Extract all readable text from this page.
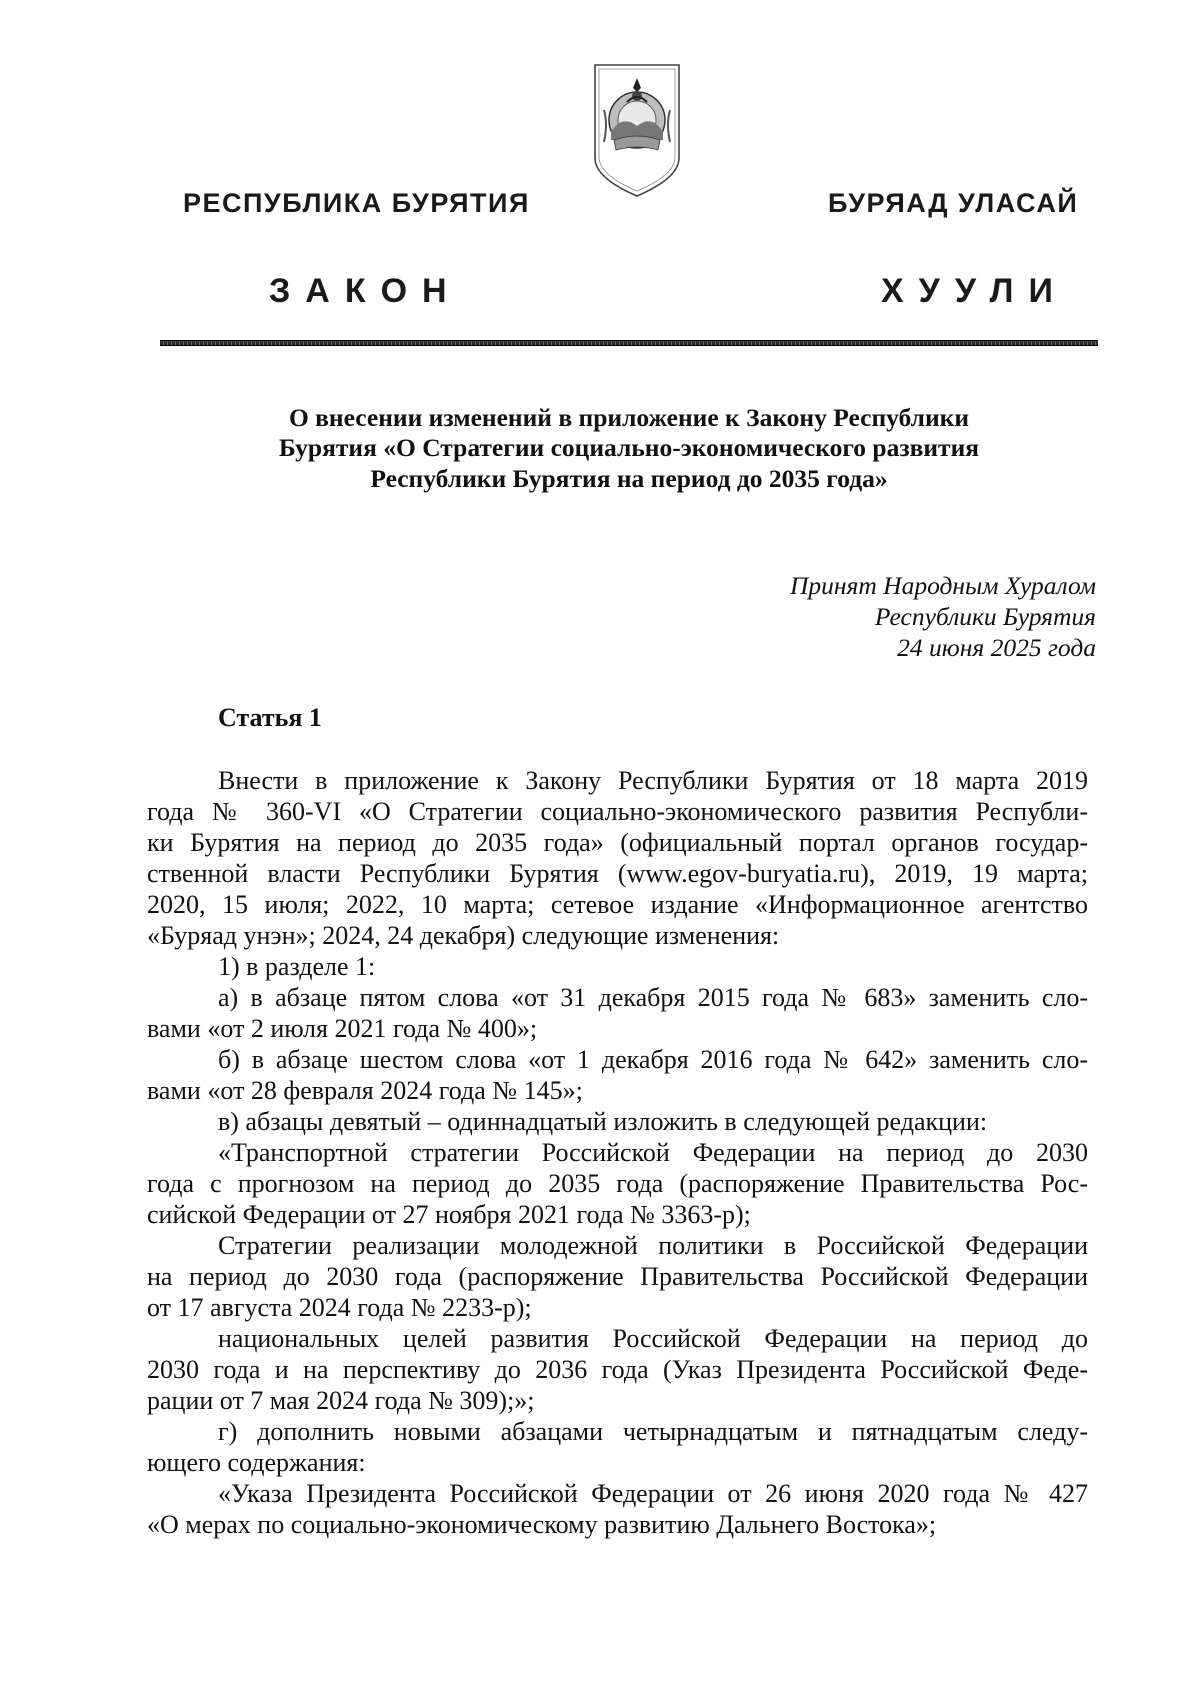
РЕСПУБЛИКА БУРЯТИЯ	БУРЯАД УЛАСАЙ
ЗАКОН	ХУУЛИ
О внесении изменений в приложение к Закону Республики
Бурятия «О Стратегии социально-экономического развития
Республики Бурятия на период до 2035 года»
Принят Народным Хуралом
Республики Бурятия
24 июня 2025 года
Статья 1
Внести в приложение к Закону Республики Бурятия от 18 марта 2019
года № 360-VI «О Стратегии социально-экономического развития Республи-
ки Бурятия на период до 2035 года» (официальный портал органов государ-
ственной власти Республики Бурятия (www.egov-buryatia.ru), 2019, 19 марта;
2020, 15 июля; 2022, 10 марта; сетевое издание «Информационное агентство
«Буряад унэн»; 2024, 24 декабря) следующие изменения:
1) в разделе 1:
а) в абзаце пятом слова «от 31 декабря 2015 года № 683» заменить сло-
вами «от 2 июля 2021 года № 400»;
б) в абзаце шестом слова «от 1 декабря 2016 года № 642» заменить сло-
вами «от 28 февраля 2024 года № 145»;
в) абзацы девятый – одиннадцатый изложить в следующей редакции:
«Транспортной стратегии Российской Федерации на период до 2030
года с прогнозом на период до 2035 года (распоряжение Правительства Рос-
сийской Федерации от 27 ноября 2021 года № 3363-р);
Стратегии реализации молодежной политики в Российской Федерации
на период до 2030 года (распоряжение Правительства Российской Федерации
от 17 августа 2024 года № 2233-р);
национальных целей развития Российской Федерации на период до
2030 года и на перспективу до 2036 года (Указ Президента Российской Феде-
рации от 7 мая 2024 года № 309);»;
г) дополнить новыми абзацами четырнадцатым и пятнадцатым следу-
ющего содержания:
«Указа Президента Российской Федерации от 26 июня 2020 года № 427
«О мерах по социально-экономическому развитию Дальнего Востока»;
